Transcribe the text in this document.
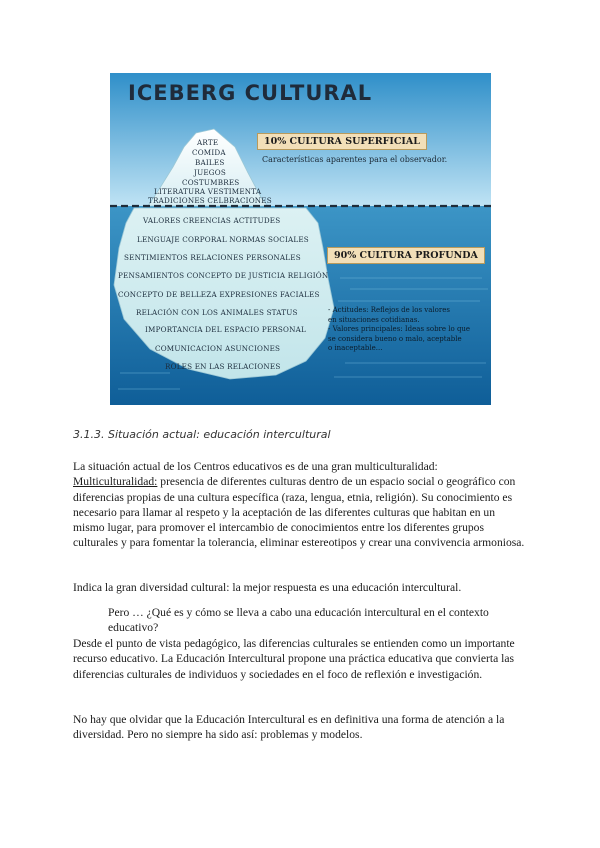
ICEBERG CULTURAL
10% CULTURA SUPERFICIAL
Características aparentes para el observador.
90% CULTURA PROFUNDA
- Actitudes: Reflejos de los valores
en situaciones cotidianas.
- Valores principales: Ideas sobre lo que
se considera bueno o malo, aceptable
o inaceptable...
ARTE
COMIDA
BAILES
JUEGOS
COSTUMBRES
LITERATURA VESTIMENTA
TRADICIONES CELBRACIONES
VALORES CREENCIAS ACTITUDES
LENGUAJE CORPORAL NORMAS SOCIALES
SENTIMIENTOS RELACIONES PERSONALES
PENSAMIENTOS CONCEPTO DE JUSTICIA RELIGIÓN
CONCEPTO DE BELLEZA EXPRESIONES FACIALES
RELACIÓN CON LOS ANIMALES STATUS
IMPORTANCIA DEL ESPACIO PERSONAL
COMUNICACION ASUNCIONES
ROLES EN LAS RELACIONES
3.1.3. Situación actual: educación intercultural

La situación actual de los Centros educativos es de una gran multiculturalidad:
Multiculturalidad: presencia de diferentes culturas dentro de un espacio social o geográfico con diferencias propias de una cultura específica (raza, lengua, etnia, religión). Su conocimiento es necesario para llamar al respeto y la aceptación de las diferentes culturas que habitan en un mismo lugar, para promover el intercambio de conocimientos entre los diferentes grupos culturales y para fomentar la tolerancia, eliminar estereotipos y crear una convivencia armoniosa.

Indica la gran diversidad cultural: la mejor respuesta es una educación intercultural.

Pero … ¿Qué es y cómo se lleva a cabo una educación intercultural en el contexto educativo?

Desde el punto de vista pedagógico, las diferencias culturales se entienden como un importante recurso educativo. La Educación Intercultural propone una práctica educativa que convierta las diferencias culturales de individuos y sociedades en el foco de reflexión e investigación.

No hay que olvidar que la Educación Intercultural es en definitiva una forma de atención a la diversidad. Pero no siempre ha sido así: problemas y modelos.
